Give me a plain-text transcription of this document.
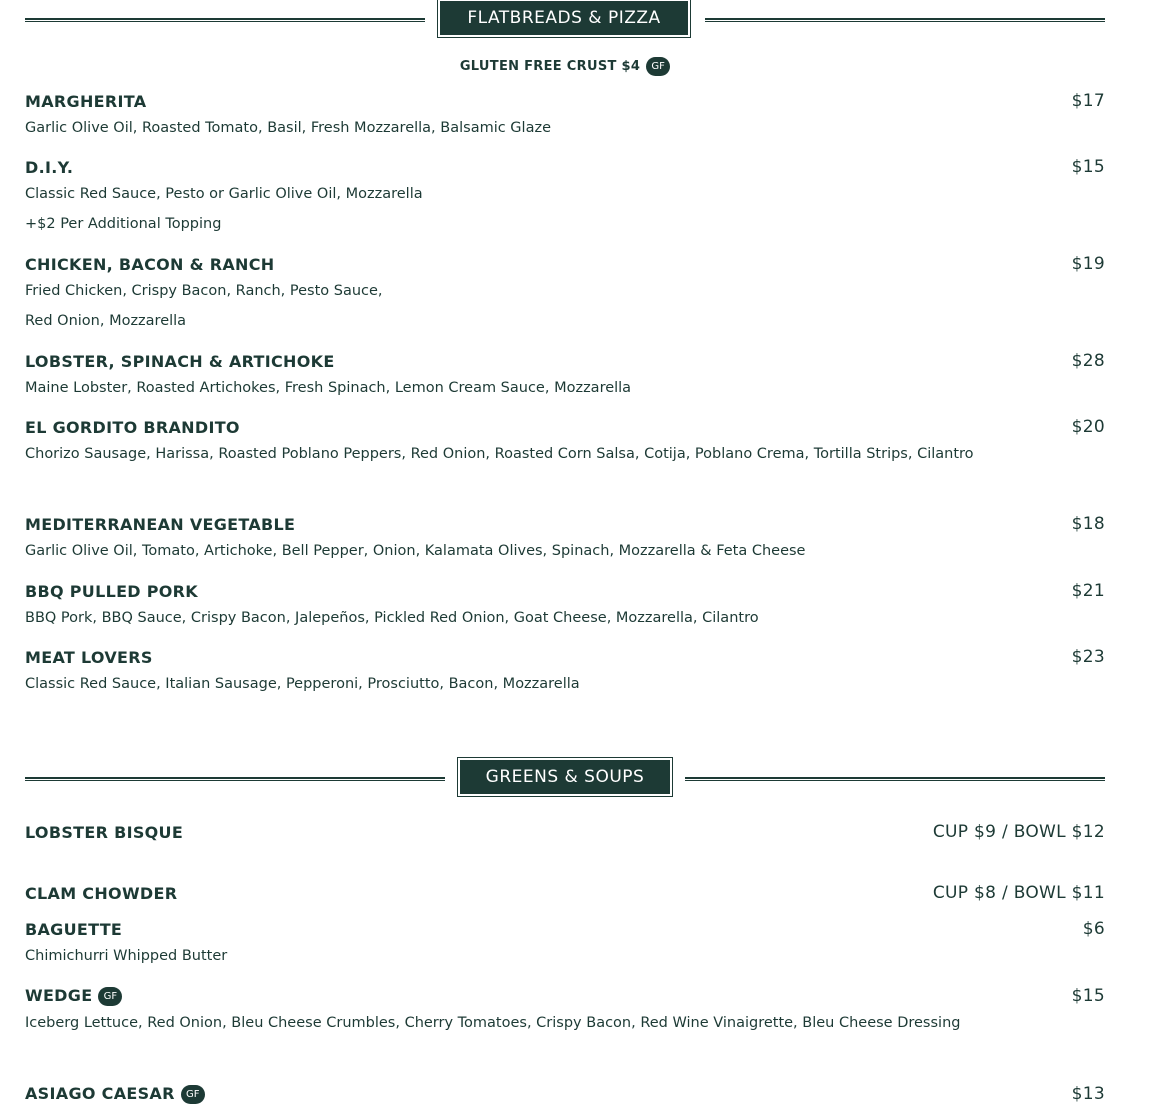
FLATBREADS & PIZZA
GLUTEN FREE CRUST $4 GF
MARGHERITA	$17
Garlic Olive Oil, Roasted Tomato, Basil, Fresh Mozzarella, Balsamic Glaze
D.I.Y.	$15
Classic Red Sauce, Pesto or Garlic Olive Oil, Mozzarella
+$2 Per Additional Topping
CHICKEN, BACON & RANCH	$19
Fried Chicken, Crispy Bacon, Ranch, Pesto Sauce,
Red Onion, Mozzarella
LOBSTER, SPINACH & ARTICHOKE	$28
Maine Lobster, Roasted Artichokes, Fresh Spinach, Lemon Cream Sauce, Mozzarella
EL GORDITO BRANDITO	$20
Chorizo Sausage, Harissa, Roasted Poblano Peppers, Red Onion, Roasted Corn Salsa, Cotija, Poblano Crema, Tortilla Strips, Cilantro
MEDITERRANEAN VEGETABLE	$18
Garlic Olive Oil, Tomato, Artichoke, Bell Pepper, Onion, Kalamata Olives, Spinach, Mozzarella & Feta Cheese
BBQ PULLED PORK	$21
BBQ Pork, BBQ Sauce, Crispy Bacon, Jalepeños, Pickled Red Onion, Goat Cheese, Mozzarella, Cilantro
MEAT LOVERS	$23
Classic Red Sauce, Italian Sausage, Pepperoni, Prosciutto, Bacon, Mozzarella
GREENS & SOUPS
LOBSTER BISQUE	CUP $9 / BOWL $12
CLAM CHOWDER	CUP $8 / BOWL $11
BAGUETTE	$6
Chimichurri Whipped Butter
WEDGE GF	$15
Iceberg Lettuce, Red Onion, Bleu Cheese Crumbles, Cherry Tomatoes, Crispy Bacon, Red Wine Vinaigrette, Bleu Cheese Dressing
ASIAGO CAESAR GF	$13
